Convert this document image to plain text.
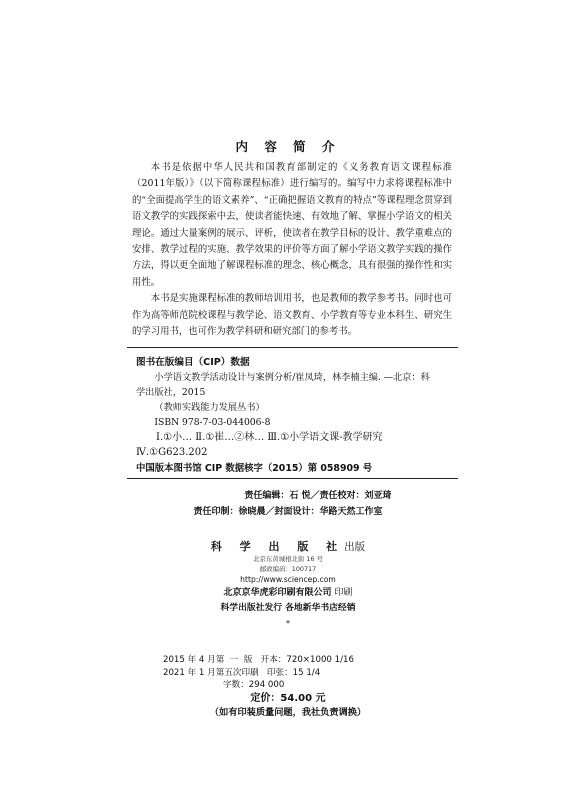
内 容 简 介

本书是依据中华人民共和国教育部制定的《义务教育语文课程标准（2011年版）》（以下简称课程标准）进行编写的。编写中力求将课程标准中的“全面提高学生的语文素养”、“正确把握语文教育的特点”等课程理念贯穿到语文教学的实践探索中去，使读者能快速、有效地了解、掌握小学语文的相关理论。通过大量案例的展示、评析，使读者在教学目标的设计、教学重难点的安排、教学过程的实施、教学效果的评价等方面了解小学语文教学实践的操作方法，得以更全面地了解课程标准的理念、核心概念，具有很强的操作性和实用性。

本书是实施课程标准的教师培训用书，也是教师的教学参考书。同时也可作为高等师范院校课程与教学论、语文教育、小学教育等专业本科生、研究生的学习用书，也可作为教学科研和研究部门的参考书。

图书在版编目（CIP）数据
小学语文教学活动设计与案例分析/崔凤琦，林李楠主编. —北京：科
学出版社，2015
（教师实践能力发展丛书）
ISBN 978-7-03-044006-8
Ⅰ.①小… Ⅱ.①崔…②林… Ⅲ.①小学语文课-教学研究
Ⅳ.①G623.202
中国版本图书馆 CIP 数据核字（2015）第 058909 号
责任编辑：石 悦／责任校对：刘亚琦
责任印制：徐晓晨／封面设计：华路天然工作室
科 学 出 版 社出版
北京东黄城根北街 16 号
邮政编码：100717
http://www.sciencep.com
北京京华虎彩印刷有限公司 印刷
科学出版社发行 各地新华书店经销
*
2015 年 4 月第  一  版   开本：720×1000 1/16
2021 年 1 月第五次印刷   印张：15 1/4
字数：294 000
定价：54.00 元
（如有印装质量问题，我社负责调换）
